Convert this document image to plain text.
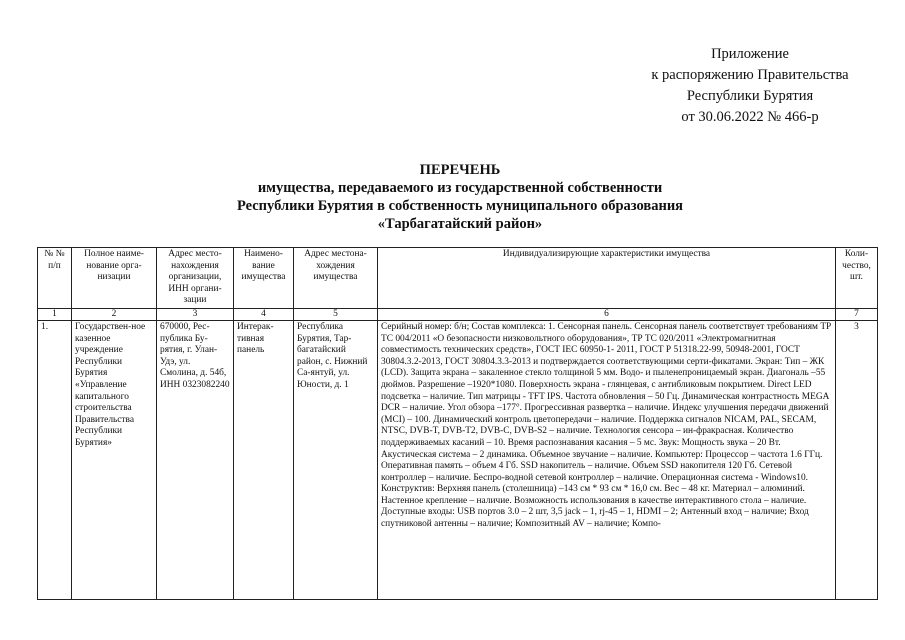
Приложение
к распоряжению Правительства
Республики Бурятия
от 30.06.2022 № 466-р
ПЕРЕЧЕНЬ
имущества, передаваемого из государственной собственности
Республики Бурятия в собственность муниципального образования
«Тарбагатайский район»
№ № п/п	Полное наиме-нование орга-низации	Адрес место-нахождения организации, ИНН органи-зации	Наимено-вание имущества	Адрес местона-хождения имущества	Индивидуализирующие характеристики имущества	Коли-чество, шт.
1	2	3	4	5	6	7
1.	Государствен-ное казенное учреждение Республики Бурятия «Управление капитального строительства Правительства Республики Бурятия»	670000, Рес-публика Бу-рятия, г. Улан-Удэ, ул. Смолина, д. 54б, ИНН 0323082240	Интерак-тивная панель	Республика Бурятия, Тар-багатайский район, с. Нижний Са-янтуй, ул. Юности, д. 1	Серийный номер: б/н; Состав комплекса: 1. Сенсорная панель. Сенсорная панель соответствует требованиям ТР ТС 004/2011 «О безопасности низковольтного оборудования», ТР ТС 020/2011 «Электромагнитная совместимость технических средств», ГОСТ IEC 60950-1- 2011, ГОСТ Р 51318.22-99, 50948-2001, ГОСТ 30804.3.2-2013, ГОСТ 30804.3.3-2013 и подтверждается соответствующими серти-фикатами. Экран: Тип – ЖК (LCD). Защита экрана – закаленное стекло толщиной 5 мм. Водо- и пыленепроницаемый экран. Диагональ –55 дюймов. Разрешение –1920*1080. Поверхность экрана - глянцевая, с антибликовым покрытием. Direct LED подсветка – наличие. Тип матрицы - TFT IPS. Частота обновления – 50 Гц. Динамическая контрастность MEGA DCR – наличие. Угол обзора –177°. Прогрессивная развертка – наличие. Индекс улучшения передачи движений (MCI) – 100. Динамический контроль цветопередачи – наличие. Поддержка сигналов NICAM, PAL, SECAM, NTSC, DVB-T, DVB-T2, DVB-C, DVB-S2 – наличие. Технология сенсора – ин-фракрасная. Количество поддерживаемых касаний – 10. Время распознавания касания – 5 мс. Звук: Мощность звука – 20 Вт. Акустическая система – 2 динамика. Объемное звучание – наличие. Компьютер: Процессор – частота 1.6 ГГц. Оперативная память – объем 4 Гб. SSD накопитель – наличие. Объем SSD накопителя 120 Гб. Сетевой контроллер – наличие. Беспро-водной сетевой контроллер – наличие. Операционная система - Windows10. Конструктив: Верхняя панель (столешница) –143 см * 93 см * 16,0 см. Вес – 48 кг. Материал – алюминий. Настенное крепление – наличие. Возможность использования в качестве интерактивного стола – наличие. Доступные входы: USB портов 3.0 – 2 шт, 3,5 jack – 1, rj-45 – 1, HDMI – 2; Антенный вход – наличие; Вход спутниковой антенны – наличие; Композитный AV – наличие; Компо-	3
